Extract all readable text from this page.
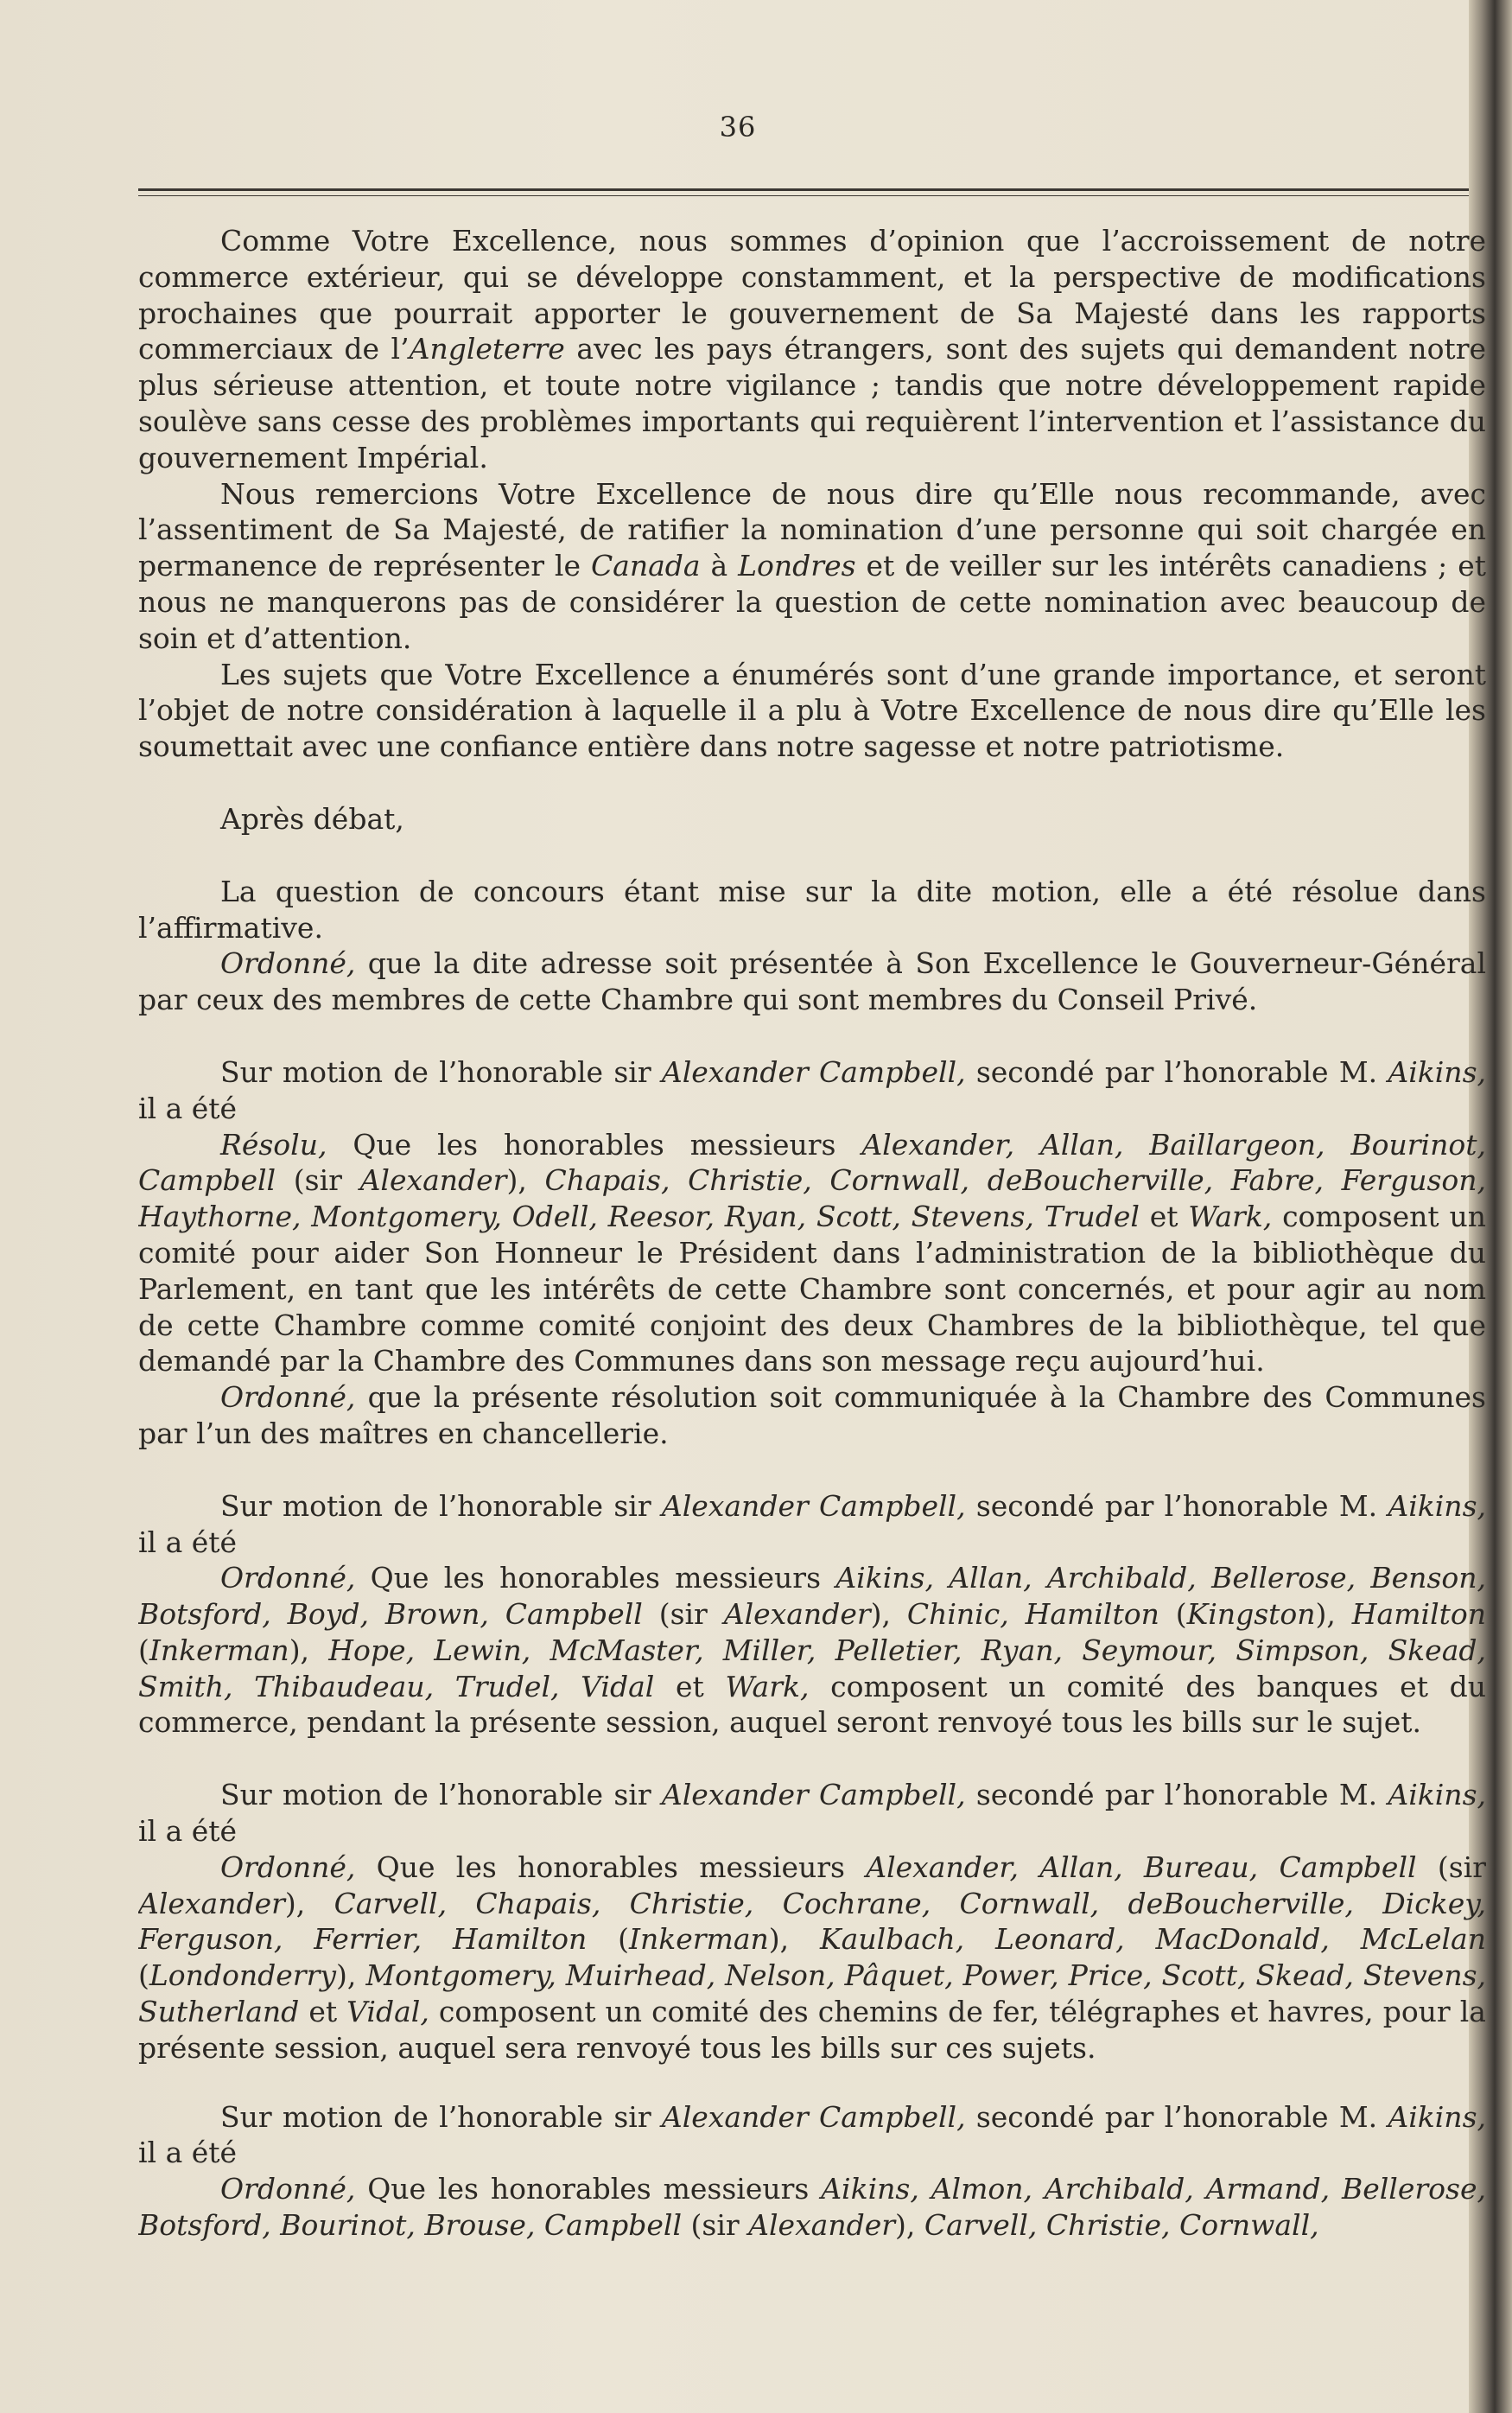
36

Comme Votre Excellence, nous sommes d’opinion que l’accroissement de notre commerce extérieur, qui se développe constamment, et la perspective de modifications prochaines que pourrait apporter le gouvernement de Sa Majesté dans les rapports commerciaux de l’Angleterre avec les pays étrangers, sont des sujets qui demandent notre plus sérieuse attention, et toute notre vigilance ; tandis que notre développement rapide soulève sans cesse des problèmes importants qui requièrent l’intervention et l’assistance du gouvernement Impérial.

Nous remercions Votre Excellence de nous dire qu’Elle nous recommande, avec l’assentiment de Sa Majesté, de ratifier la nomination d’une personne qui soit chargée en permanence de représenter le Canada à Londres et de veiller sur les intérêts canadiens ; et nous ne manquerons pas de considérer la question de cette nomination avec beaucoup de soin et d’attention.

Les sujets que Votre Excellence a énumérés sont d’une grande importance, et seront l’objet de notre considération à laquelle il a plu à Votre Excellence de nous dire qu’Elle les soumettait avec une confiance entière dans notre sagesse et notre patriotisme.

Après débat,

La question de concours étant mise sur la dite motion, elle a été résolue dans l’affirmative.

Ordonné, que la dite adresse soit présentée à Son Excellence le Gouverneur-Général par ceux des membres de cette Chambre qui sont membres du Conseil Privé.

Sur motion de l’honorable sir Alexander Campbell, secondé par l’honorable M. Aikins, il a été

Résolu, Que les honorables messieurs Alexander, Allan, Baillargeon, Bourinot, Campbell (sir Alexander), Chapais, Christie, Cornwall, deBoucherville, Fabre, Ferguson, Haythorne, Montgomery, Odell, Reesor, Ryan, Scott, Stevens, Trudel et Wark, composent un comité pour aider Son Honneur le Président dans l’administration de la bibliothèque du Parlement, en tant que les intérêts de cette Chambre sont concernés, et pour agir au nom de cette Chambre comme comité conjoint des deux Chambres de la bibliothèque, tel que demandé par la Chambre des Communes dans son message reçu aujourd’hui.

Ordonné, que la présente résolution soit communiquée à la Chambre des Communes par l’un des maîtres en chancellerie.

Sur motion de l’honorable sir Alexander Campbell, secondé par l’honorable M. Aikins, il a été

Ordonné, Que les honorables messieurs Aikins, Allan, Archibald, Bellerose, Benson, Botsford, Boyd, Brown, Campbell (sir Alexander), Chinic, Hamilton (Kingston), Hamilton (Inkerman), Hope, Lewin, McMaster, Miller, Pelletier, Ryan, Seymour, Simpson, Skead, Smith, Thibaudeau, Trudel, Vidal et Wark, composent un comité des banques et du commerce, pendant la présente session, auquel seront renvoyé tous les bills sur le sujet.

Sur motion de l’honorable sir Alexander Campbell, secondé par l’honorable M. Aikins, il a été

Ordonné, Que les honorables messieurs Alexander, Allan, Bureau, Campbell (sir Alexander), Carvell, Chapais, Christie, Cochrane, Cornwall, deBoucherville, Dickey, Ferguson, Ferrier, Hamilton (Inkerman), Kaulbach, Leonard, MacDonald, McLelan (Londonderry), Montgomery, Muirhead, Nelson, Pâquet, Power, Price, Scott, Skead, Stevens, Sutherland et Vidal, composent un comité des chemins de fer, télégraphes et havres, pour la présente session, auquel sera renvoyé tous les bills sur ces sujets.

Sur motion de l’honorable sir Alexander Campbell, secondé par l’honorable M. Aikins, il a été

Ordonné, Que les honorables messieurs Aikins, Almon, Archibald, Armand, Bellerose, Botsford, Bourinot, Brouse, Campbell (sir Alexander), Carvell, Christie, Cornwall,
